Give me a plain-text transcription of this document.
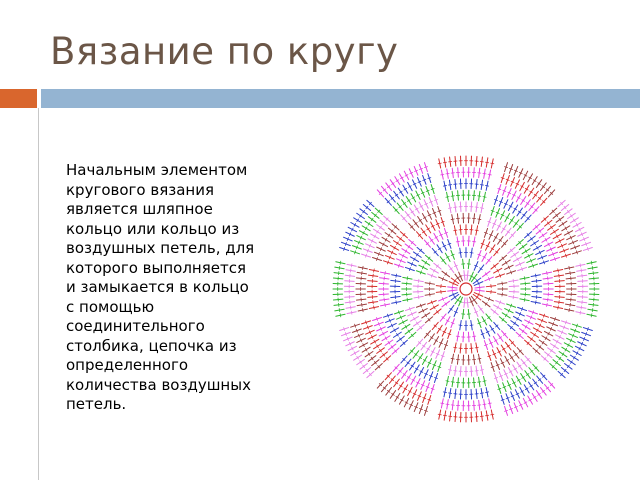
Вязание по кругу

Начальным элементом кругового вязания является шляпное кольцо или кольцо из воздушных петель, для которого выполняется и замыкается в кольцо с помощью соединительного столбика, цепочка из определенного количества воздушных петель.
